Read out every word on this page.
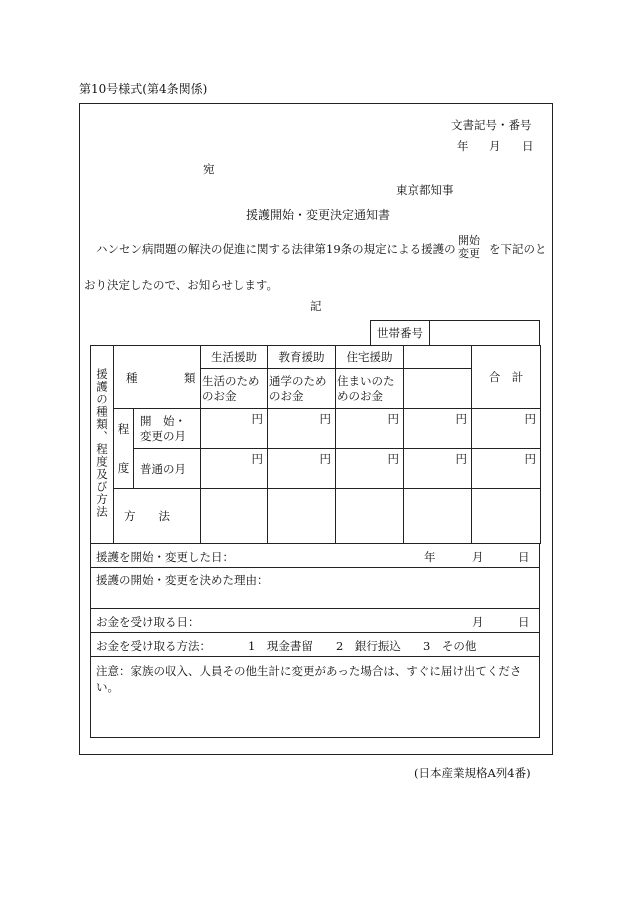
第10号様式(第4条関係)
文書記号・番号
年 月 日
宛
東京都知事
援護開始・変更決定通知書
ハンセン病問題の解決の促進に関する法律第19条の規定による援護の
開始
変更 を下記のと
おり決定したので、お知らせします。
記
世帯番号	
援護の種類、程度及び方法	種 類		生活援助	教育援助	住宅援助		合　計
			生活のためのお金	通学のためのお金	住まいのためのお金		
	程	開　始・変更の月	円	円	円	円	円
	度	普通の月	円	円	円	円	円
	方　　法						
援護を開始・変更した日：	年	月	日

援護の開始・変更を決めた理由：

お金を受け取る日：	月	日

お金を受け取る方法：	1　現金書留 2　銀行振込 3　その他

注意：家族の収入、人員その他生計に変更があった場合は、すぐに届け出てください。
(日本産業規格A列4番)
